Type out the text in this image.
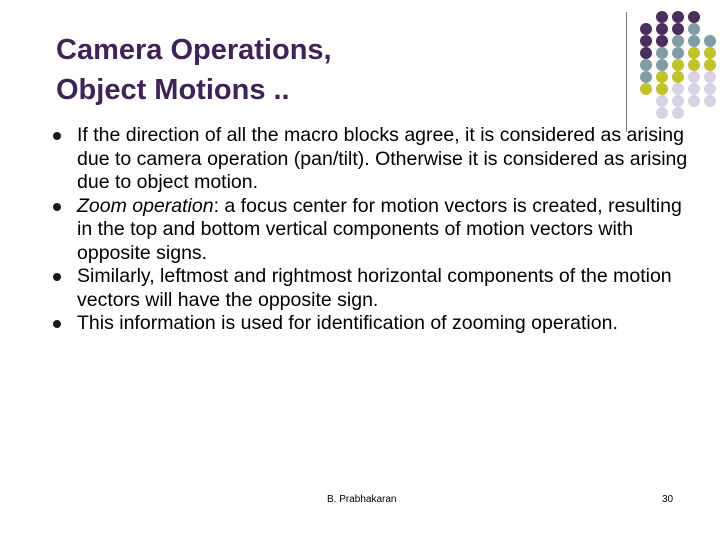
Camera Operations,
Object Motions ..
If the direction of all the macro blocks agree, it is considered as arising due to camera operation (pan/tilt). Otherwise it is considered as arising due to object motion.
Zoom operation: a focus center for motion vectors is created, resulting in the top and bottom vertical components of motion vectors with opposite signs.
Similarly, leftmost and rightmost horizontal components of the motion vectors will have the opposite sign.
This information is used for identification of zooming operation.
B. Prabhakaran	30
